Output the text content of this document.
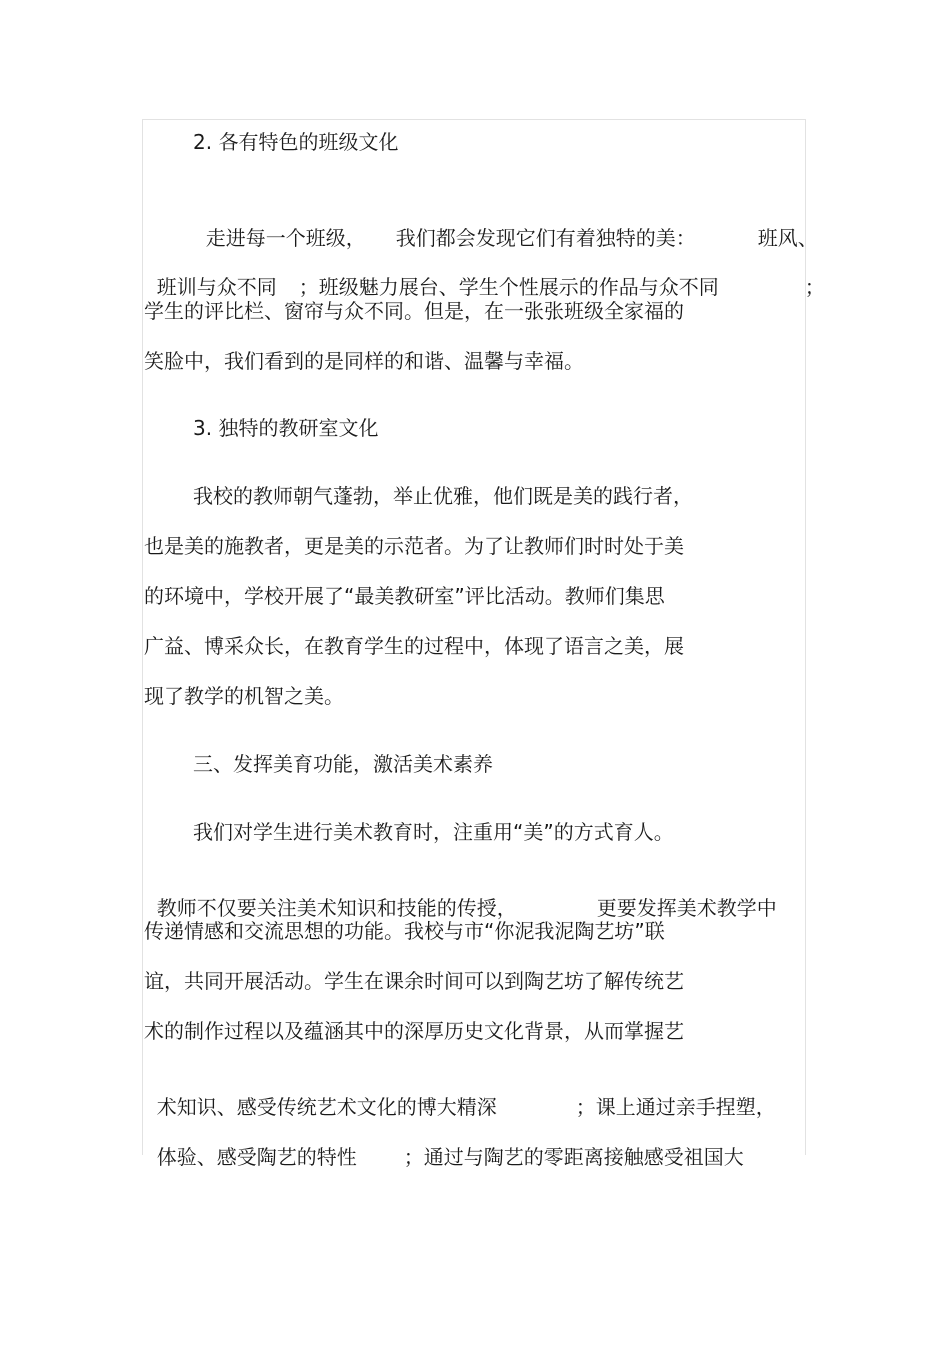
2. 各有特色的班级文化

走进每一个班级，	我们都会发现它们有着独特的美：	班风、

班训与众不同	；班级魅力展台、学生个性展示的作品与众不同	；

学生的评比栏、窗帘与众不同。但是，在一张张班级全家福的

笑脸中，我们看到的是同样的和谐、温馨与幸福。

3. 独特的教研室文化

我校的教师朝气蓬勃，举止优雅，他们既是美的践行者，

也是美的施教者，更是美的示范者。为了让教师们时时处于美

的环境中，学校开展了“最美教研室”评比活动。教师们集思

广益、博采众长，在教育学生的过程中，体现了语言之美，展

现了教学的机智之美。

三、发挥美育功能，激活美术素养

我们对学生进行美术教育时，注重用“美”的方式育人。

教师不仅要关注美术知识和技能的传授，	更要发挥美术教学中

传递情感和交流思想的功能。我校与市“你泥我泥陶艺坊”联

谊，共同开展活动。学生在课余时间可以到陶艺坊了解传统艺

术的制作过程以及蕴涵其中的深厚历史文化背景，从而掌握艺

术知识、感受传统艺术文化的博大精深	；课上通过亲手捏塑，

体验、感受陶艺的特性	；通过与陶艺的零距离接触感受祖国大
